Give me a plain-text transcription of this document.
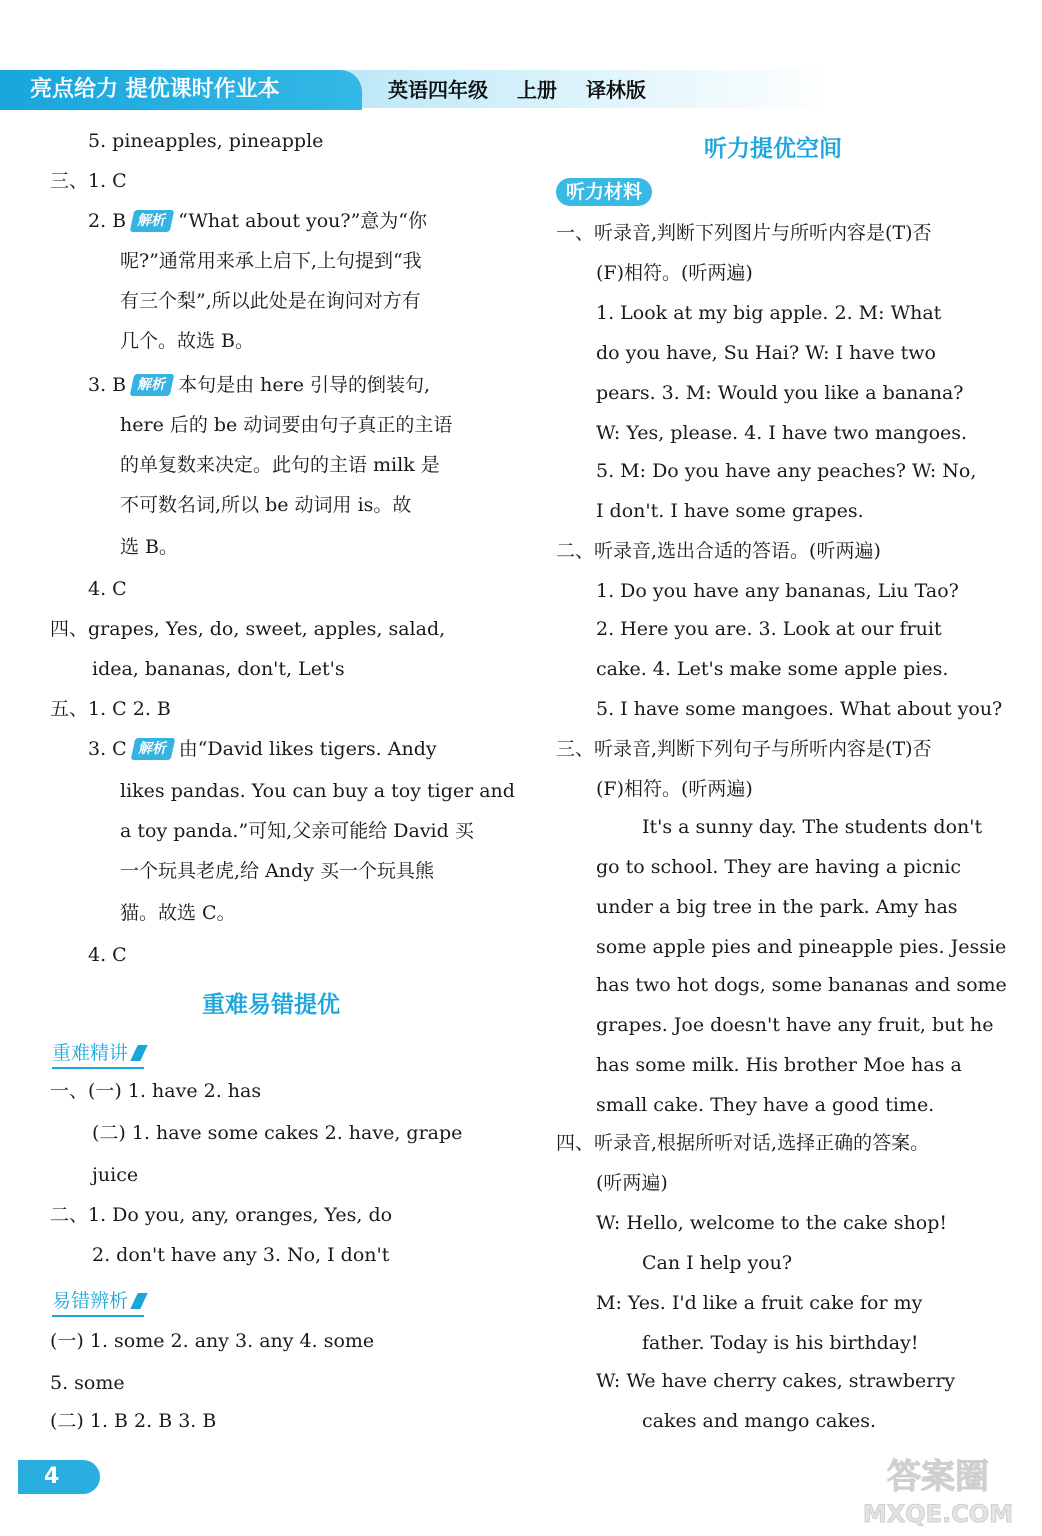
亮点给力 提优课时作业本	英语四年级 上册 译林版
5. pineapples, pineapple
三、1. C
2. B 解析 “What about you?”意为“你
呢?”通常用来承上启下,上句提到“我
有三个梨”,所以此处是在询问对方有
几个。故选 B。
3. B 解析 本句是由 here 引导的倒装句,
here 后的 be 动词要由句子真正的主语
的单复数来决定。此句的主语 milk 是
不可数名词,所以 be 动词用 is。故
选 B。
4. C
四、grapes, Yes, do, sweet, apples, salad,
idea, bananas, don't, Let's
五、1. C 2. B
3. C 解析 由“David likes tigers. Andy
likes pandas. You can buy a toy tiger and
a toy panda.”可知,父亲可能给 David 买
一个玩具老虎,给 Andy 买一个玩具熊
猫。故选 C。
4. C
重难易错提优
重难精讲
一、(一) 1. have 2. has
(二) 1. have some cakes 2. have, grape
juice
二、1. Do you, any, oranges, Yes, do
2. don't have any 3. No, I don't
易错辨析
(一) 1. some 2. any 3. any 4. some
5. some
(二) 1. B 2. B 3. B
听力提优空间
听力材料
一、听录音,判断下列图片与所听内容是(T)否
(F)相符。(听两遍)
1. Look at my big apple. 2. M: What
do you have, Su Hai? W: I have two
pears. 3. M: Would you like a banana?
W: Yes, please. 4. I have two mangoes.
5. M: Do you have any peaches? W: No,
I don't. I have some grapes.
二、听录音,选出合适的答语。(听两遍)
1. Do you have any bananas, Liu Tao?
2. Here you are. 3. Look at our fruit
cake. 4. Let's make some apple pies.
5. I have some mangoes. What about you?
三、听录音,判断下列句子与所听内容是(T)否
(F)相符。(听两遍)
It's a sunny day. The students don't
go to school. They are having a picnic
under a big tree in the park. Amy has
some apple pies and pineapple pies. Jessie
has two hot dogs, some bananas and some
grapes. Joe doesn't have any fruit, but he
has some milk. His brother Moe has a
small cake. They have a good time.
四、听录音,根据所听对话,选择正确的答案。
(听两遍)
W: Hello, welcome to the cake shop!
Can I help you?
M: Yes. I'd like a fruit cake for my
father. Today is his birthday!
W: We have cherry cakes, strawberry
cakes and mango cakes.
4	答案圈
MXQE.COM
